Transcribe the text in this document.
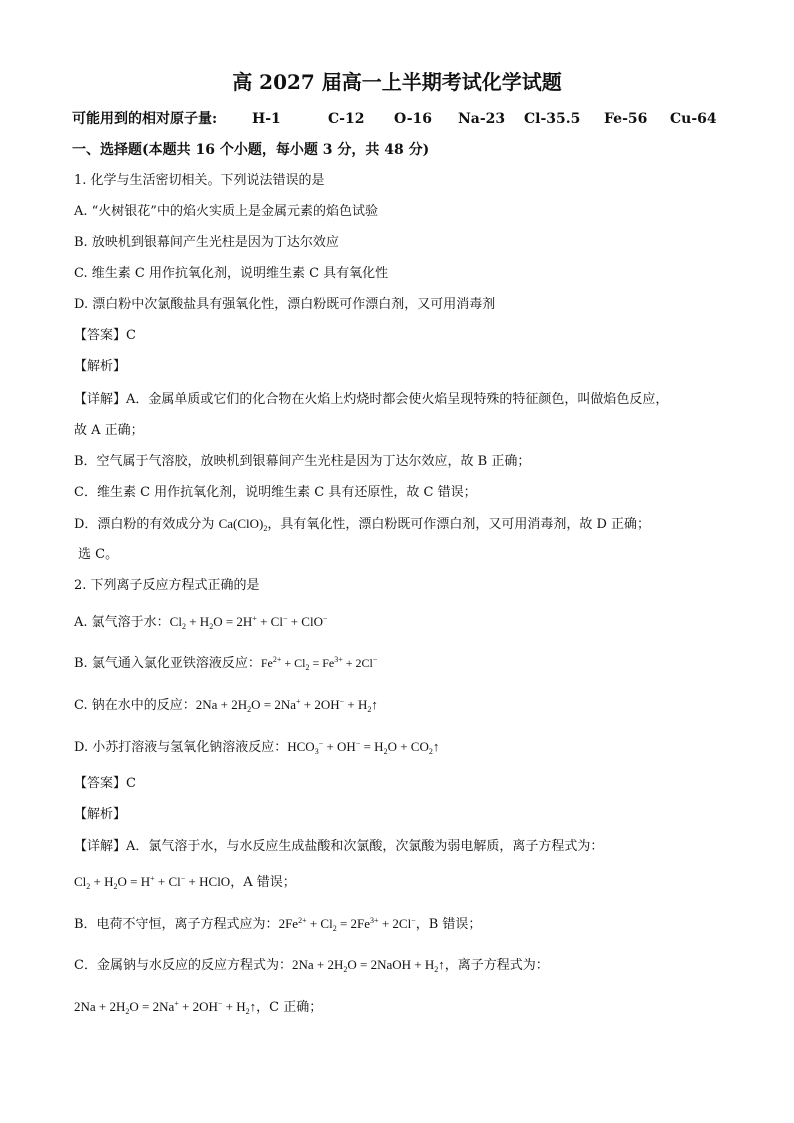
高 2027 届高一上半期考试化学试题
可能用到的相对原子量: H-1	C-12 O-16 Na-23 Cl-35.5 Fe-56 Cu-64
一、选择题(本题共 16 个小题，每小题 3 分，共 48 分)
1. 化学与生活密切相关。下列说法错误的是
A. “火树银花”中的焰火实质上是金属元素的焰色试验
B. 放映机到银幕间产生光柱是因为丁达尔效应
C. 维生素 C 用作抗氧化剂，说明维生素 C 具有氧化性
D. 漂白粉中次氯酸盐具有强氧化性，漂白粉既可作漂白剂，又可用消毒剂
【答案】C
【解析】
【详解】A．金属单质或它们的化合物在火焰上灼烧时都会使火焰呈现特殊的特征颜色，叫做焰色反应，
故 A 正确；
B．空气属于气溶胶，放映机到银幕间产生光柱是因为丁达尔效应，故 B 正确；
C．维生素 C 用作抗氧化剂，说明维生素 C 具有还原性，故 C 错误；
D．漂白粉的有效成分为 $Ca(ClO)_2$，具有氧化性，漂白粉既可作漂白剂，又可用消毒剂，故 D 正确；
选 C。
2. 下列离子反应方程式正确的是
A. 氯气溶于水：$Cl_2 + H_2O = 2H^+ + Cl^- + ClO^-$
B. 氯气通入氯化亚铁溶液反应：$Fe^{2+} + Cl_2 = Fe^{3+} + 2Cl^-$
C. 钠在水中的反应：$2Na + 2H_2O = 2Na^+ + 2OH^-$ + $H_2↑$
D. 小苏打溶液与氢氧化钠溶液反应：$HCO_3^- + OH^- = H_2O$ + $CO_2↑$
【答案】C
【解析】
【详解】A．氯气溶于水，与水反应生成盐酸和次氯酸，次氯酸为弱电解质，离子方程式为：
$Cl_2 + H_2O = H^+ + Cl^-$ + HClO，A 错误；
B．电荷不守恒，离子方程式应为：$2Fe^{2+} + Cl_2 = 2Fe^{3+} + 2Cl^-$，B 错误；
C．金属钠与水反应的反应方程式为：$2Na + 2H_2O$ = 2NaOH + $H_2↑$，离子方程式为：
$2Na + 2H_2O = 2Na^+ + 2OH^-$ + $H_2↑$，C 正确；
